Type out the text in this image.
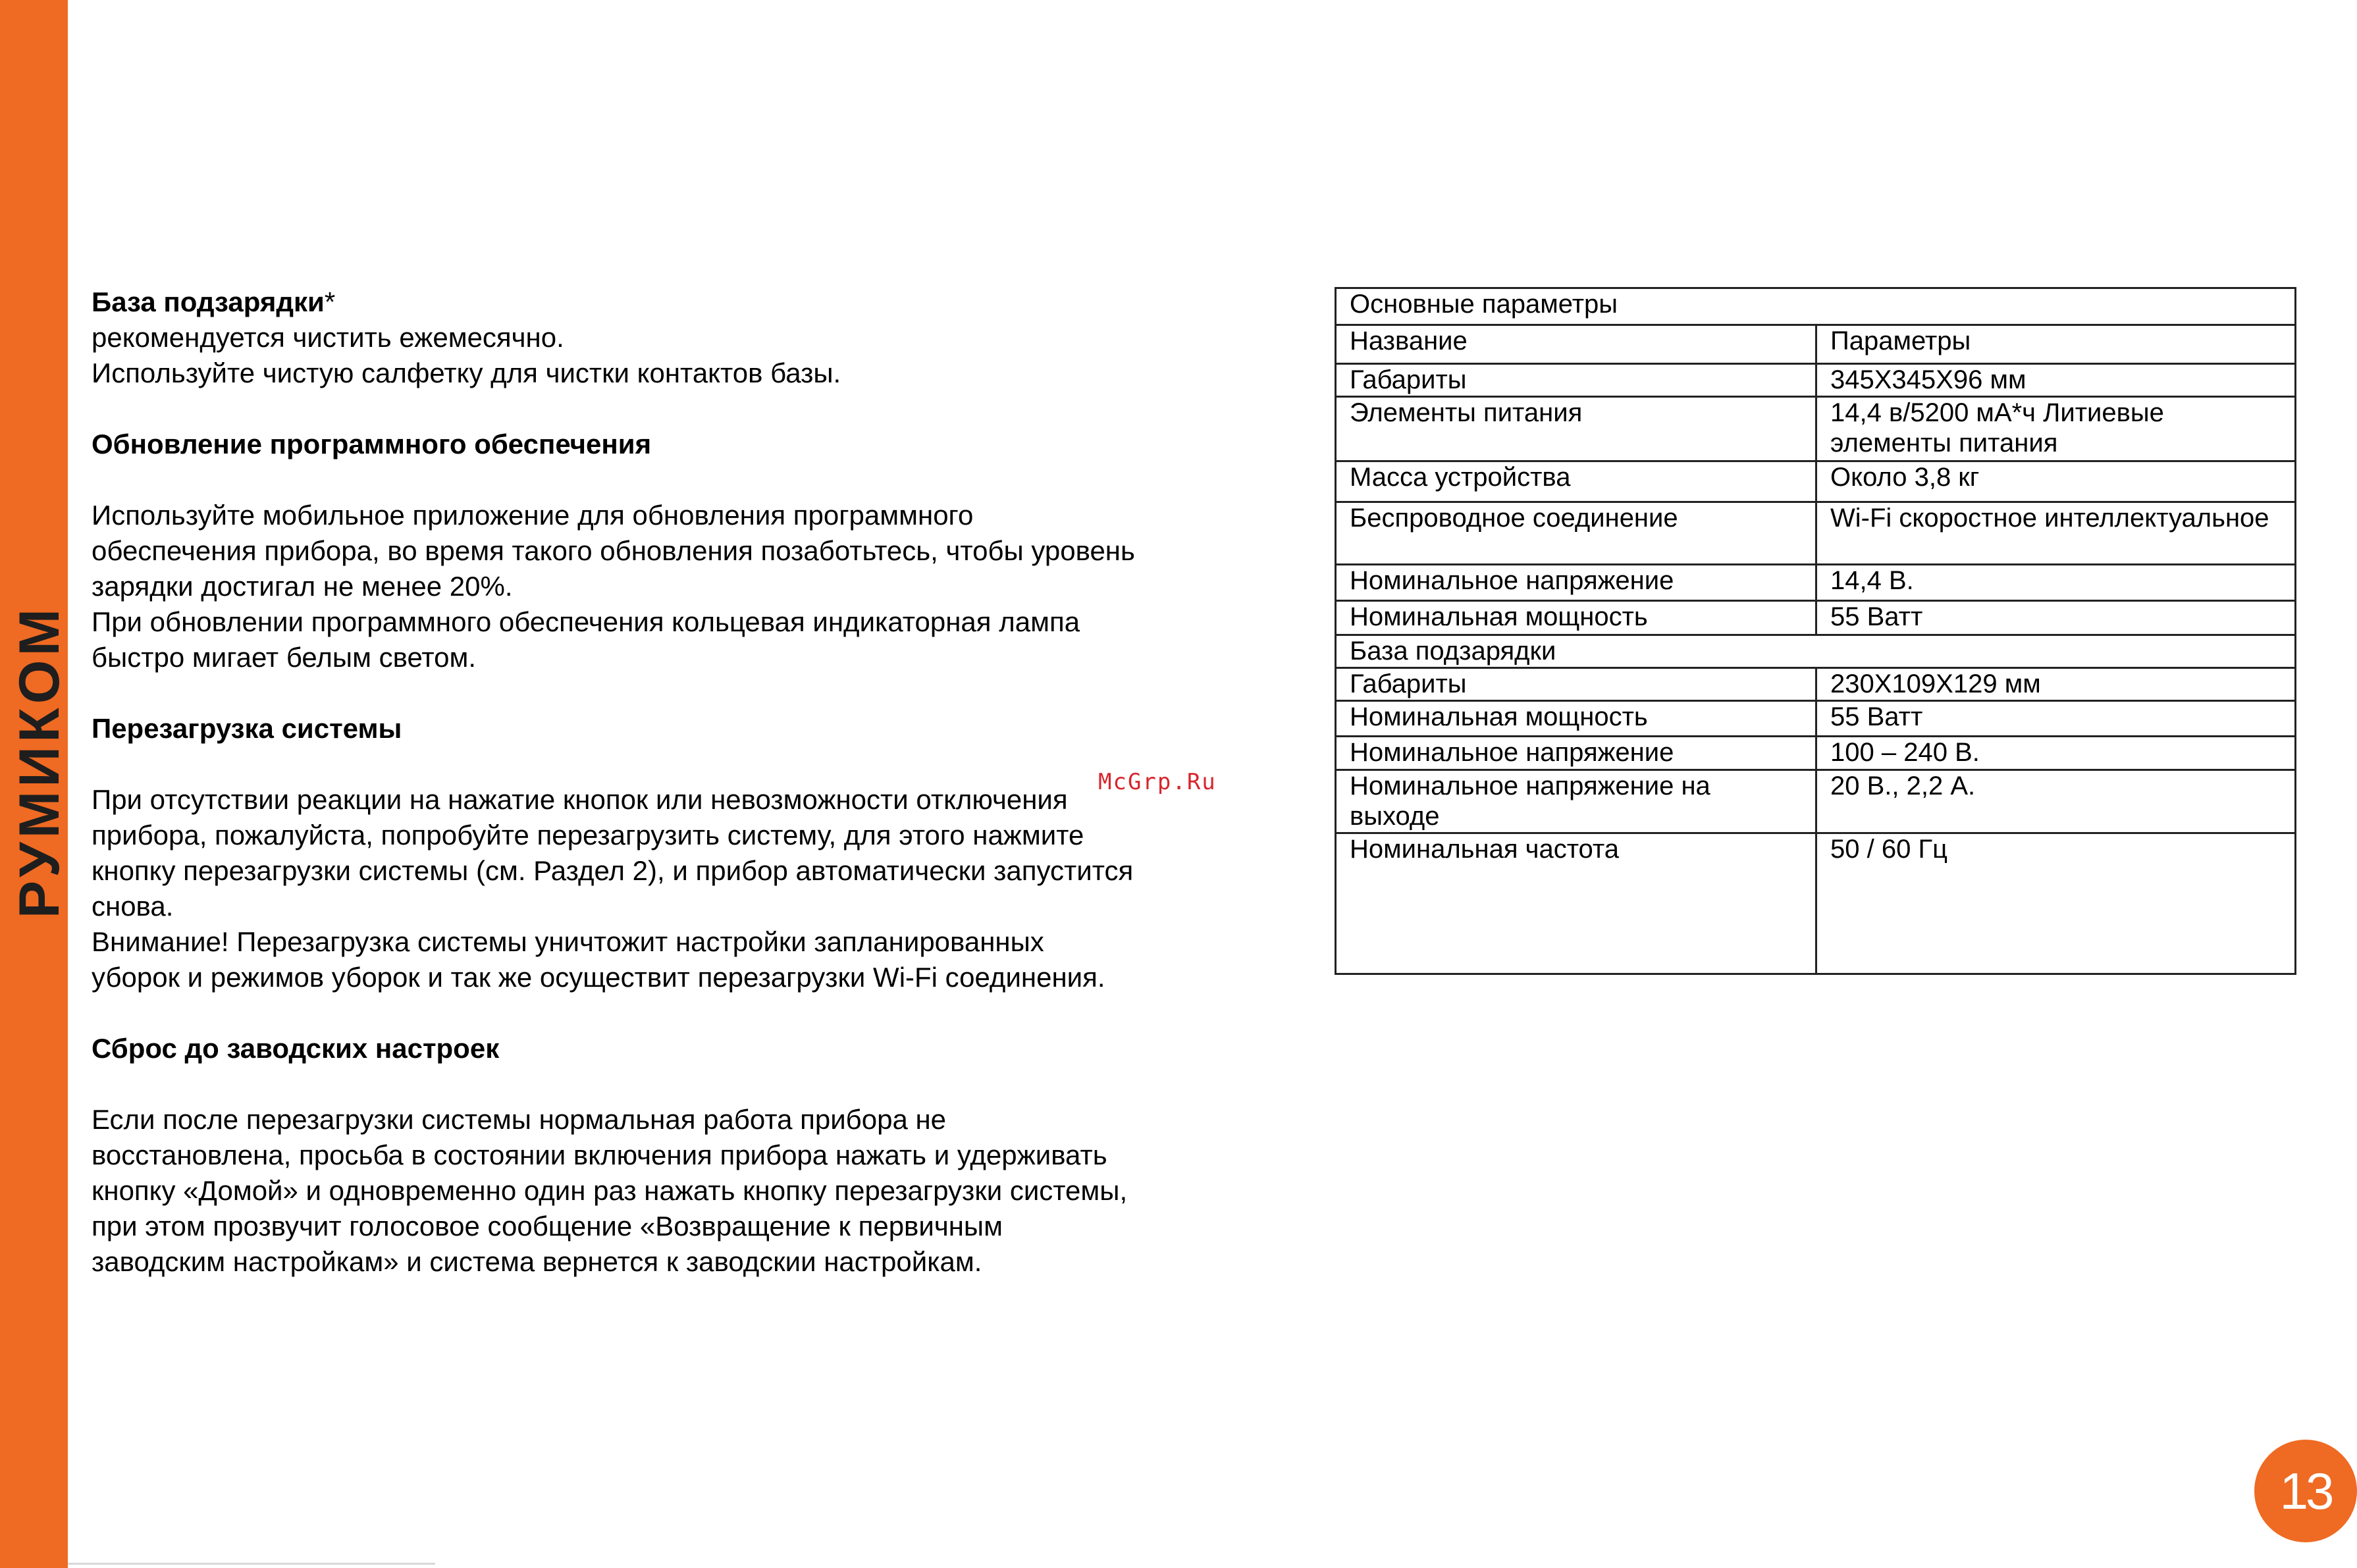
РУМИКОМ

База подзарядки*

рекомендуется чистить ежемесячно.

Используйте чистую салфетку для чистки контактов базы.

Обновление программного обеспечения

Используйте мобильное приложение для обновления программного

обеспечения прибора, во время такого обновления позаботьтесь, чтобы уровень

зарядки достигал не менее 20%.

При обновлении программного обеспечения кольцевая индикаторная лампа

быстро мигает белым светом.

Перезагрузка системы

При отсутствии реакции на нажатие кнопок или невозможности отключения

прибора, пожалуйста, попробуйте перезагрузить систему, для этого нажмите

кнопку перезагрузки системы (см. Раздел 2), и прибор автоматически запустится

снова.

Внимание! Перезагрузка системы уничтожит настройки запланированных

уборок и режимов уборок и так же осуществит перезагрузки Wi-Fi соединения.

Сброс до заводских настроек

Если после перезагрузки системы нормальная работа прибора не

восстановлена, просьба в состоянии включения прибора нажать и удерживать

кнопку «Домой» и одновременно один раз нажать кнопку перезагрузки системы,

при этом прозвучит голосовое сообщение «Возвращение к первичным

заводским настройкам» и система вернется к заводскии настройкам.

McGrp.Ru
Основные параметры	
Название	Параметры
Габариты	345X345X96 мм
Элементы питания	14,4 в/5200 мА*ч Литиевые элементы питания
Масса устройства	Около 3,8 кг
Беспроводное соединение	Wi-Fi скоростное интеллектуальное
Номинальное напряжение	14,4 В.
Номинальная мощность	55 Ватт
База подзарядки	
Габариты	230X109X129 мм
Номинальная мощность	55 Ватт
Номинальное напряжение	100 – 240 В.
Номинальное напряжение на выходе	20 В., 2,2 А.
Номинальная частота	50 / 60 Гц
13
